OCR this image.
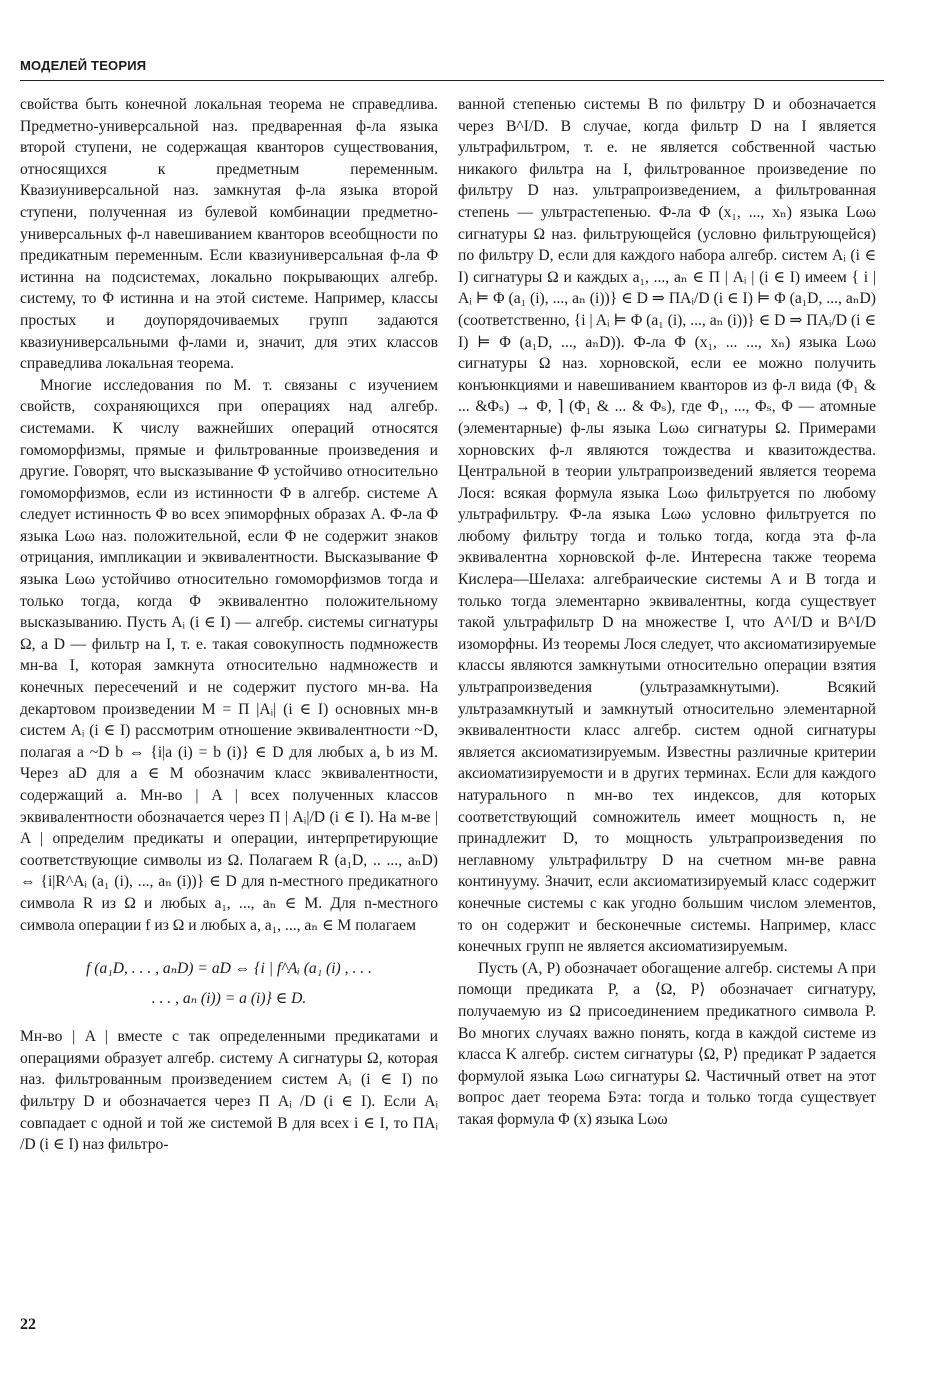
МОДЕЛЕЙ ТЕОРИЯ

свойства быть конечной локальная теорема не справедлива. Предметно-универсальной наз. предваренная ф-ла языка второй ступени, не содержащая кванторов существования, относящихся к предметным переменным. Квазиуниверсальной наз. замкнутая ф-ла языка второй ступени, полученная из булевой комбинации предметно-универсальных ф-л навешиванием кванторов всеобщности по предикатным переменным. Если квазиуниверсальная ф-ла Φ истинна на подсистемах, локально покрывающих алгебр. систему, то Φ истинна и на этой системе. Например, классы простых и доупорядочиваемых групп задаются квазиуниверсальными ф-лами и, значит, для этих классов справедлива локальная теорема.

Многие исследования по М. т. связаны с изучением свойств, сохраняющихся при операциях над алгебр. системами. К числу важнейших операций относятся гомоморфизмы, прямые и фильтрованные произведения и другие. Говорят, что высказывание Φ устойчиво относительно гомоморфизмов, если из истинности Φ в алгебр. системе A следует истинность Φ во всех эпиморфных образах A. Ф-ла Φ языка Lωω наз. положительной, если Φ не содержит знаков отрицания, импликации и эквивалентности. Высказывание Φ языка Lωω устойчиво относительно гомоморфизмов тогда и только тогда, когда Φ эквивалентно положительному высказыванию. Пусть Aᵢ (i ∈ I) — алгебр. системы сигнатуры Ω, а D — фильтр на I, т. е. такая совокупность подмножеств мн-ва I, которая замкнута относительно надмножеств и конечных пересечений и не содержит пустого мн-ва. На декартовом произведении M = Π |Aᵢ| (i ∈ I) основных мн-в систем Aᵢ (i ∈ I) рассмотрим отношение эквивалентности ~D, полагая a ~D b ⇔ {i|a (i) = b (i)} ∈ D для любых a, b из M. Через aD для a ∈ M обозначим класс эквивалентности, содержащий a. Мн-во | A | всех полученных классов эквивалентности обозначается через Π | Aᵢ|/D (i ∈ I). На м-ве | A | определим предикаты и операции, интерпретирующие соответствующие символы из Ω. Полагаем R (a₁D, .. ..., aₙD) ⇔ {i|R^Aᵢ (a₁ (i), ..., aₙ (i))} ∈ D для n-местного предикатного символа R из Ω и любых a₁, ..., aₙ ∈ M. Для n-местного символа операции f из Ω и любых a, a₁, ..., aₙ ∈ M полагаем

f (a₁D, . . . , aₙD) = aD ⇔ {i | f^Aᵢ (a₁ (i) , . . .
. . . , aₙ (i)) = a (i)} ∈ D.

Мн-во | A | вместе с так определенными предикатами и операциями образует алгебр. систему A сигнатуры Ω, которая наз. фильтрованным произведением систем Aᵢ (i ∈ I) по фильтру D и обозначается через Π Aᵢ /D (i ∈ I). Если Aᵢ совпадает с одной и той же системой B для всех i ∈ I, то ΠAᵢ /D (i ∈ I) наз фильтро-

ванной степенью системы B по фильтру D и обозначается через B^I/D. В случае, когда фильтр D на I является ультрафильтром, т. е. не является собственной частью никакого фильтра на I, фильтрованное произведение по фильтру D наз. ультрапроизведением, а фильтрованная степень — ультрастепенью. Ф-ла Φ (x₁, ..., xₙ) языка Lωω сигнатуры Ω наз. фильтрующейся (условно фильтрующейся) по фильтру D, если для каждого набора алгебр. систем Aᵢ (i ∈ I) сигнатуры Ω и каждых a₁, ..., aₙ ∈ Π | Aᵢ | (i ∈ I) имеем { i | Aᵢ ⊨ Φ (a₁ (i), ..., aₙ (i))} ∈ D ⇒ ΠAᵢ/D (i ∈ I) ⊨ Φ (a₁D, ..., aₙD) (соответственно, {i | Aᵢ ⊨ Φ (a₁ (i), ..., aₙ (i))} ∈ D ⇒ ΠAᵢ/D (i ∈ I) ⊨ Φ (a₁D, ..., aₙD)). Ф-ла Φ (x₁, ... ..., xₙ) языка Lωω сигнатуры Ω наз. хорновской, если ее можно получить конъюнкциями и навешиванием кванторов из ф-л вида (Φ₁ & ... &Φₛ) → Φ, ⌉ (Φ₁ & ... & Φₛ), где Φ₁, ..., Φₛ, Φ — атомные (элементарные) ф-лы языка Lωω сигнатуры Ω. Примерами хорновских ф-л являются тождества и квазитождества. Центральной в теории ультрапроизведений является теорема Лося: всякая формула языка Lωω фильтруется по любому ультрафильтру. Ф-ла языка Lωω условно фильтруется по любому фильтру тогда и только тогда, когда эта ф-ла эквивалентна хорновской ф-ле. Интересна также теорема Кислера—Шелаха: алгебраические системы A и B тогда и только тогда элементарно эквивалентны, когда существует такой ультрафильтр D на множестве I, что A^I/D и B^I/D изоморфны. Из теоремы Лося следует, что аксиоматизируемые классы являются замкнутыми относительно операции взятия ультрапроизведения (ультразамкнутыми). Всякий ультразамкнутый и замкнутый относительно элементарной эквивалентности класс алгебр. систем одной сигнатуры является аксиоматизируемым. Известны различные критерии аксиоматизируемости и в других терминах. Если для каждого натурального n мн-во тех индексов, для которых соответствующий сомножитель имеет мощность n, не принадлежит D, то мощность ультрапроизведения по неглавному ультрафильтру D на счетном мн-ве равна континууму. Значит, если аксиоматизируемый класс содержит конечные системы с как угодно большим числом элементов, то он содержит и бесконечные системы. Например, класс конечных групп не является аксиоматизируемым.

Пусть (A, P) обозначает обогащение алгебр. системы A при помощи предиката P, а ⟨Ω, P⟩ обозначает сигнатуру, получаемую из Ω присоединением предикатного символа P. Во многих случаях важно понять, когда в каждой системе из класса K алгебр. систем сигнатуры ⟨Ω, P⟩ предикат P задается формулой языка Lωω сигнатуры Ω. Частичный ответ на этот вопрос дает теорема Бэта: тогда и только тогда существует такая формула Φ (x) языка Lωω

22
